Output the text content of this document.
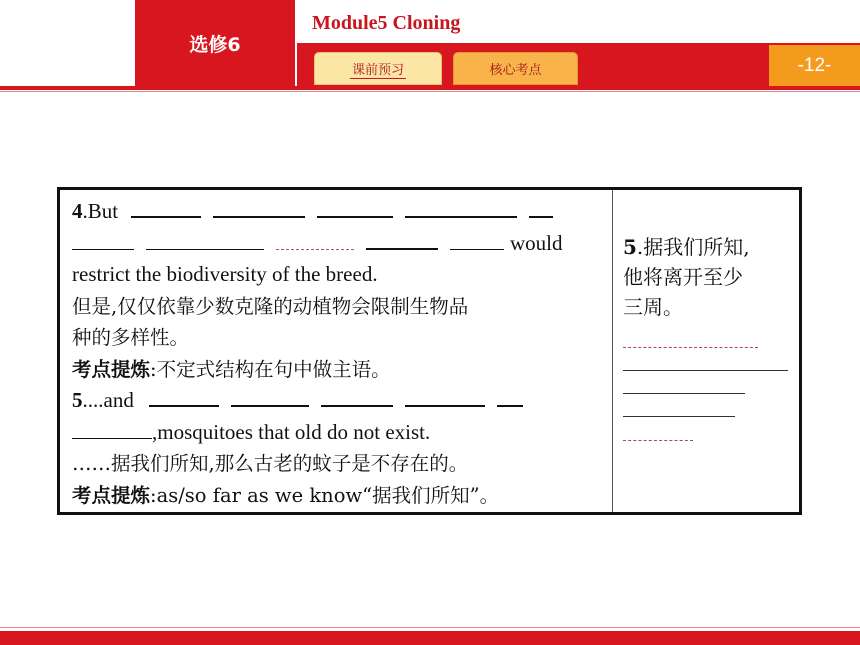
选修6
Module5 Cloning
-12-
课前预习	核心考点
4.But
would
restrict the biodiversity of the breed.
但是,仅仅依靠少数克隆的动植物会限制生物品
种的多样性。
考点提炼:不定式结构在句中做主语。
5....and
,mosquitoes that old do not exist.
……据我们所知,那么古老的蚊子是不存在的。
考点提炼:as/so far as we know“据我们所知”。
5.据我们所知,
他将离开至少
三周。
